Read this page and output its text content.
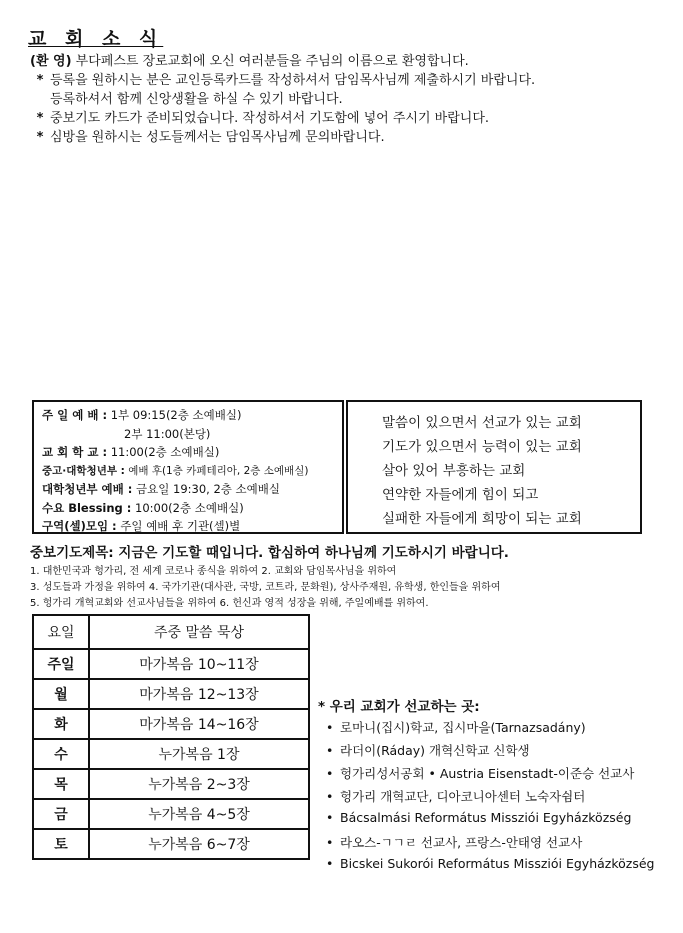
교 회 소 식
(환 영) 부다페스트 장로교회에 오신 여러분들을 주님의 이름으로 환영합니다.
* 등록을 원하시는 분은 교인등록카드를 작성하셔서 담임목사님께 제출하시기 바랍니다.
등록하셔서 함께 신앙생활을 하실 수 있기 바랍니다.
* 중보기도 카드가 준비되었습니다. 작성하셔서 기도함에 넣어 주시기 바랍니다.
* 심방을 원하시는 성도들께서는 담임목사님께 문의바랍니다.
주 일 예 배 : 1부 09:15(2층 소예배실)
2부 11:00(본당)
교 회 학 교 : 11:00(2층 소예배실)
중고·대학청년부 : 예배 후(1층 카페테리아, 2층 소예배실)
대학청년부 예배 : 금요일 19:30, 2층 소예배실
수요 Blessing : 10:00(2층 소예배실)
구역(셀)모임 : 주일 예배 후 기관(셀)별
말씀이 있으면서 선교가 있는 교회
기도가 있으면서 능력이 있는 교회
살아 있어 부흥하는 교회
연약한 자들에게 힘이 되고
실패한 자들에게 희망이 되는 교회
중보기도제목: 지금은 기도할 때입니다. 합심하여 하나님께 기도하시기 바랍니다.
1. 대한민국과 헝가리, 전 세계 코로나 종식을 위하여 2. 교회와 담임목사님을 위하여
3. 성도들과 가정을 위하여 4. 국가기관(대사관, 국방, 코트라, 문화원), 상사주재원, 유학생, 한인들을 위하여
5. 헝가리 개혁교회와 선교사님들을 위하여 6. 헌신과 영적 성장을 위해, 주일예배를 위하여.
요일	주중 말씀 묵상
주일	마가복음 10~11장
월	마가복음 12~13장
화	마가복음 14~16장
수	누가복음 1장
목	누가복음 2~3장
금	누가복음 4~5장
토	누가복음 6~7장
* 우리 교회가 선교하는 곳:
• 로마니(집시)학교, 집시마을(Tarnazsadány)
• 라더이(Ráday) 개혁신학교 신학생
• 헝가리성서공회 • Austria Eisenstadt-이준승 선교사
• 헝가리 개혁교단, 디아코니아센터 노숙자쉼터
• Bácsalmási Református Missziói Egyházközség
• 라오스-ㄱㄱㄹ 선교사, 프랑스-안태영 선교사
• Bicskei Sukorói Református Missziói Egyházközség
